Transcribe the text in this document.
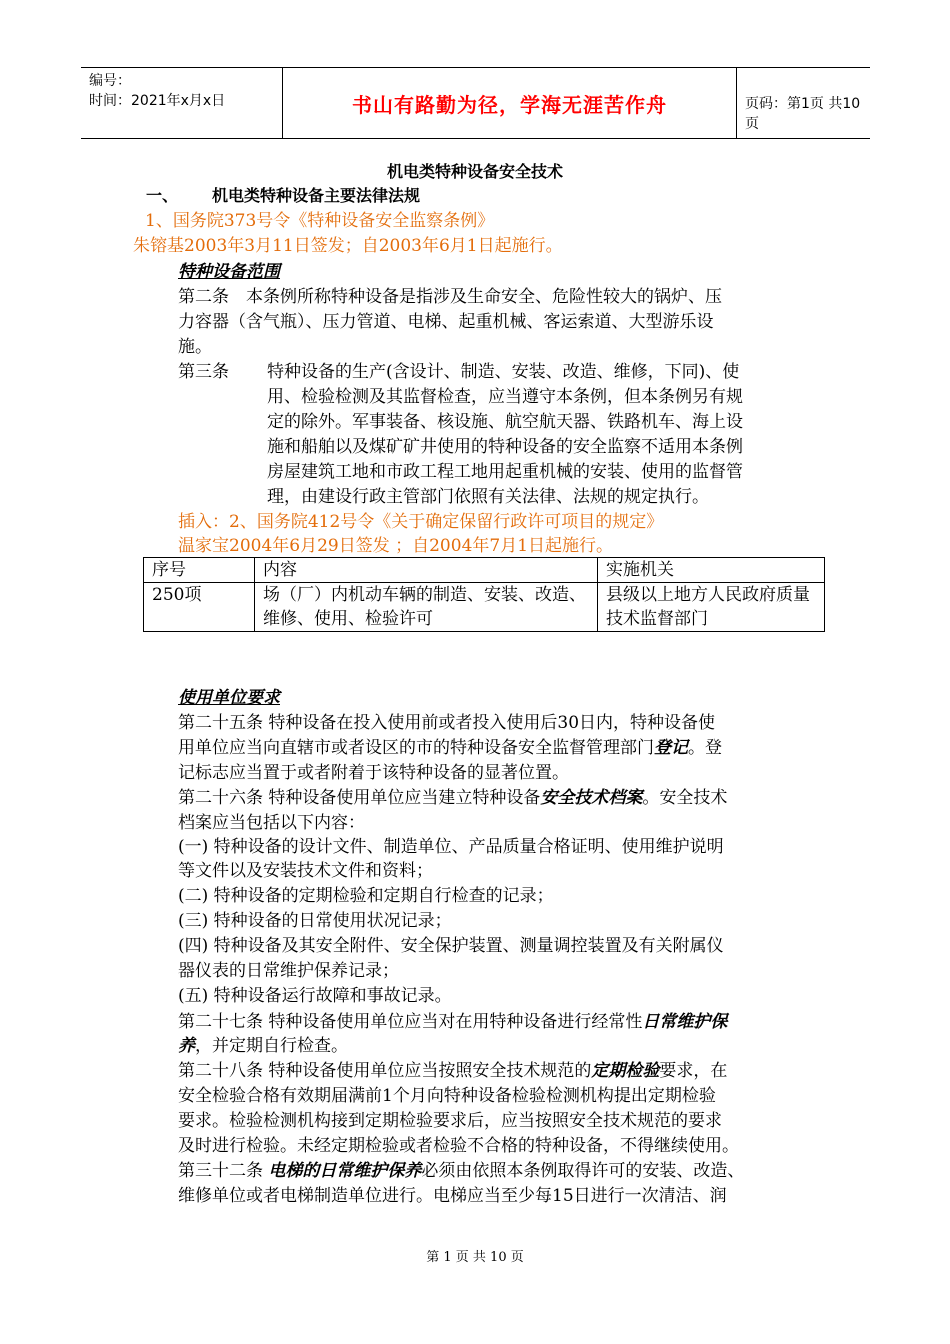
编号：
时间：2021年x月x日	书山有路勤为径，学海无涯苦作舟	页码：第1页 共10页
机电类特种设备安全技术
一、 机电类特种设备主要法律法规
1、国务院373号令《特种设备安全监察条例》
朱镕基2003年3月11日签发；自2003年6月1日起施行。
特种设备范围
第二条　本条例所称特种设备是指涉及生命安全、危险性较大的锅炉、压
力容器（含气瓶）、压力管道、电梯、起重机械、客运索道、大型游乐设
施。
第三条 特种设备的生产(含设计、制造、安装、改造、维修，下同)、使
用、检验检测及其监督检查，应当遵守本条例，但本条例另有规
定的除外。军事装备、核设施、航空航天器、铁路机车、海上设
施和船舶以及煤矿矿井使用的特种设备的安全监察不适用本条例
房屋建筑工地和市政工程工地用起重机械的安装、使用的监督管
理，由建设行政主管部门依照有关法律、法规的规定执行。
插入：2、国务院412号令《关于确定保留行政许可项目的规定》
温家宝2004年6月29日签发 ；自2004年7月1日起施行。
序号	内容	实施机关
250项	场（厂）内机动车辆的制造、安装、改造、维修、使用、检验许可	县级以上地方人民政府质量技术监督部门
使用单位要求
第二十五条 特种设备在投入使用前或者投入使用后30日内，特种设备使
用单位应当向直辖市或者设区的市的特种设备安全监督管理部门登记。登
记标志应当置于或者附着于该特种设备的显著位置。
第二十六条 特种设备使用单位应当建立特种设备安全技术档案。安全技术
档案应当包括以下内容：
(一) 特种设备的设计文件、制造单位、产品质量合格证明、使用维护说明
等文件以及安装技术文件和资料；
(二) 特种设备的定期检验和定期自行检查的记录；
(三) 特种设备的日常使用状况记录；
(四) 特种设备及其安全附件、安全保护装置、测量调控装置及有关附属仪
器仪表的日常维护保养记录；
(五) 特种设备运行故障和事故记录。
第二十七条 特种设备使用单位应当对在用特种设备进行经常性日常维护保
养，并定期自行检查。
第二十八条 特种设备使用单位应当按照安全技术规范的定期检验要求，在
安全检验合格有效期届满前1个月向特种设备检验检测机构提出定期检验
要求。检验检测机构接到定期检验要求后，应当按照安全技术规范的要求
及时进行检验。未经定期检验或者检验不合格的特种设备，不得继续使用。
第三十二条 电梯的日常维护保养必须由依照本条例取得许可的安装、改造、
维修单位或者电梯制造单位进行。电梯应当至少每15日进行一次清洁、润
第 1 页 共 10 页
